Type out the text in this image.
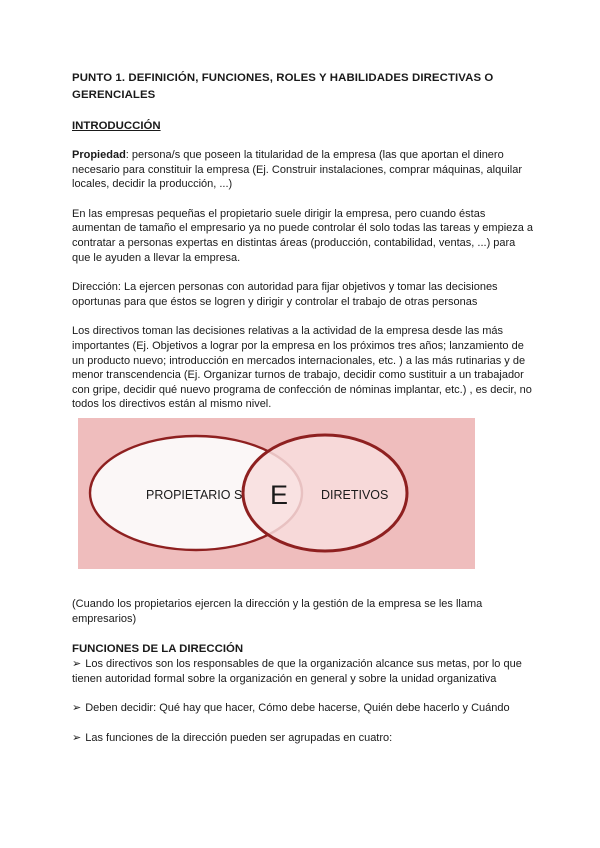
PUNTO 1. DEFINICIÓN, FUNCIONES, ROLES Y HABILIDADES DIRECTIVAS O GERENCIALES
INTRODUCCIÓN

Propiedad: persona/s que poseen la titularidad de la empresa (las que aportan el dinero necesario para constituir la empresa (Ej. Construir instalaciones, comprar máquinas, alquilar locales, decidir la producción, ...)

En las empresas pequeñas el propietario suele dirigir la empresa, pero cuando éstas aumentan de tamaño el empresario ya no puede controlar él solo todas las tareas y empieza a contratar a personas expertas en distintas áreas (producción, contabilidad, ventas, ...) para que le ayuden a llevar la empresa.

Dirección: La ejercen personas con autoridad para fijar objetivos y tomar las decisiones oportunas para que éstos se logren y dirigir y controlar el trabajo de otras personas

Los directivos toman las decisiones relativas a la actividad de la empresa desde las más importantes (Ej. Objetivos a lograr por la empresa en los próximos tres años; lanzamiento de un producto nuevo; introducción en mercados internacionales, etc. ) a las más rutinarias y de menor transcendencia (Ej. Organizar turnos de trabajo, decidir como sustituir a un trabajador con gripe, decidir qué nuevo programa de confección de nóminas implantar, etc.) , es decir, no todos los directivos están al mismo nivel.

PROPIETARIO S E	DIRETIVOS

(Cuando los propietarios ejercen la dirección y la gestión de la empresa se les llama empresarios)

FUNCIONES DE LA DIRECCIÓN

➢ Los directivos son los responsables de que la organización alcance sus metas, por lo que tienen autoridad formal sobre la organización en general y sobre la unidad organizativa

➢ Deben decidir: Qué hay que hacer, Cómo debe hacerse, Quién debe hacerlo y Cuándo

➢ Las funciones de la dirección pueden ser agrupadas en cuatro:
